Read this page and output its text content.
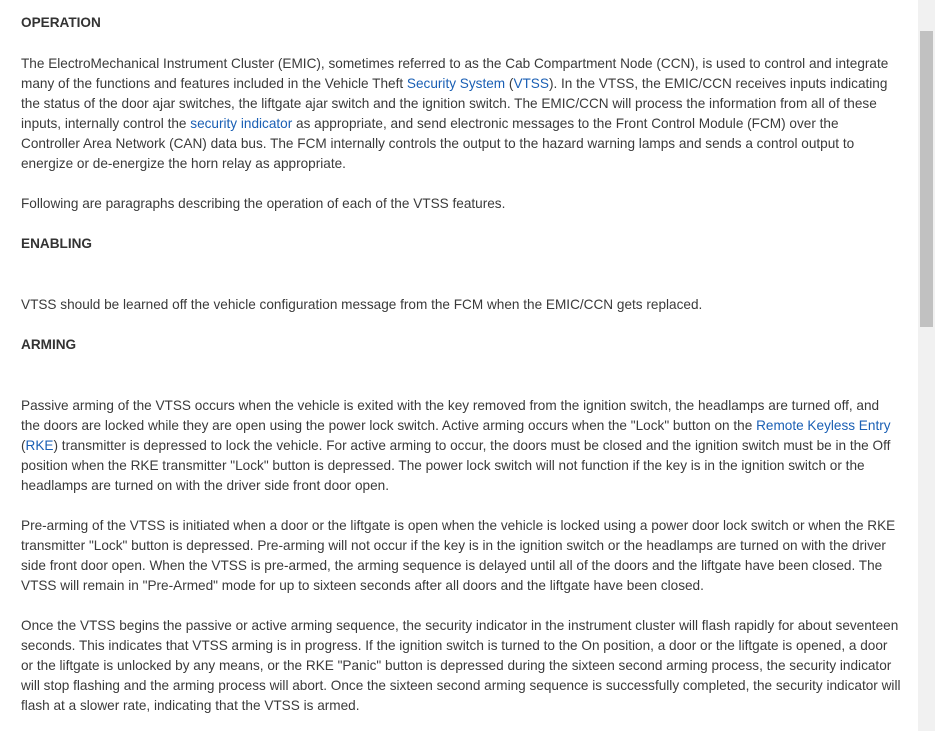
OPERATION

The ElectroMechanical Instrument Cluster (EMIC), sometimes referred to as the Cab Compartment Node (CCN), is used to control and integrate many of the functions and features included in the Vehicle Theft Security System (VTSS). In the VTSS, the EMIC/CCN receives inputs indicating the status of the door ajar switches, the liftgate ajar switch and the ignition switch. The EMIC/CCN will process the information from all of these inputs, internally control the security indicator as appropriate, and send electronic messages to the Front Control Module (FCM) over the Controller Area Network (CAN) data bus. The FCM internally controls the output to the hazard warning lamps and sends a control output to energize or de-energize the horn relay as appropriate.

Following are paragraphs describing the operation of each of the VTSS features.

ENABLING

VTSS should be learned off the vehicle configuration message from the FCM when the EMIC/CCN gets replaced.

ARMING

Passive arming of the VTSS occurs when the vehicle is exited with the key removed from the ignition switch, the headlamps are turned off, and the doors are locked while they are open using the power lock switch. Active arming occurs when the "Lock" button on the Remote Keyless Entry (RKE) transmitter is depressed to lock the vehicle. For active arming to occur, the doors must be closed and the ignition switch must be in the Off position when the RKE transmitter "Lock" button is depressed. The power lock switch will not function if the key is in the ignition switch or the headlamps are turned on with the driver side front door open.

Pre-arming of the VTSS is initiated when a door or the liftgate is open when the vehicle is locked using a power door lock switch or when the RKE transmitter "Lock" button is depressed. Pre-arming will not occur if the key is in the ignition switch or the headlamps are turned on with the driver side front door open. When the VTSS is pre-armed, the arming sequence is delayed until all of the doors and the liftgate have been closed. The VTSS will remain in "Pre-Armed" mode for up to sixteen seconds after all doors and the liftgate have been closed.

Once the VTSS begins the passive or active arming sequence, the security indicator in the instrument cluster will flash rapidly for about seventeen seconds. This indicates that VTSS arming is in progress. If the ignition switch is turned to the On position, a door or the liftgate is opened, a door or the liftgate is unlocked by any means, or the RKE "Panic" button is depressed during the sixteen second arming process, the security indicator will stop flashing and the arming process will abort. Once the sixteen second arming sequence is successfully completed, the security indicator will flash at a slower rate, indicating that the VTSS is armed.
